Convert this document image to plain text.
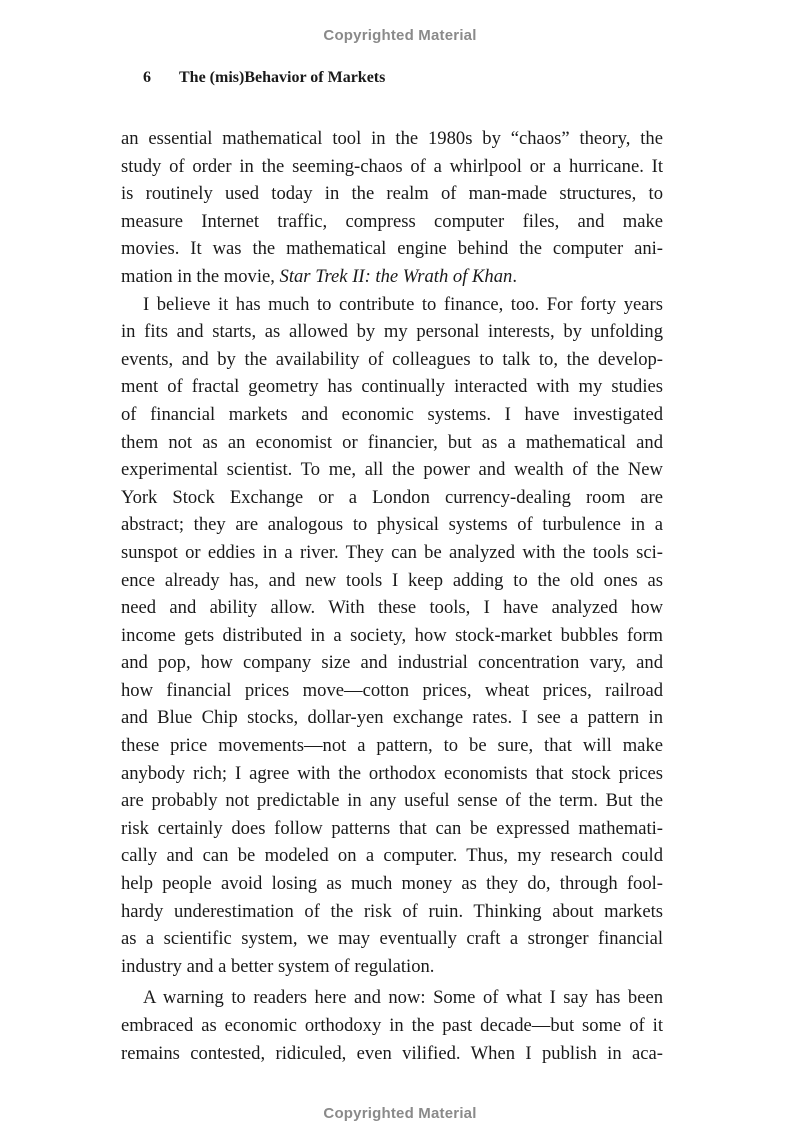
Copyrighted Material
6 The (mis)Behavior of Markets
an essential mathematical tool in the 1980s by “chaos” theory, the
study of order in the seeming-chaos of a whirlpool or a hurricane. It
is routinely used today in the realm of man-made structures, to
measure Internet traffic, compress computer files, and make
movies. It was the mathematical engine behind the computer ani-
mation in the movie, Star Trek II: the Wrath of Khan.
I believe it has much to contribute to finance, too. For forty years
in fits and starts, as allowed by my personal interests, by unfolding
events, and by the availability of colleagues to talk to, the develop-
ment of fractal geometry has continually interacted with my studies
of financial markets and economic systems. I have investigated
them not as an economist or financier, but as a mathematical and
experimental scientist. To me, all the power and wealth of the New
York Stock Exchange or a London currency-dealing room are
abstract; they are analogous to physical systems of turbulence in a
sunspot or eddies in a river. They can be analyzed with the tools sci-
ence already has, and new tools I keep adding to the old ones as
need and ability allow. With these tools, I have analyzed how
income gets distributed in a society, how stock-market bubbles form
and pop, how company size and industrial concentration vary, and
how financial prices move—cotton prices, wheat prices, railroad
and Blue Chip stocks, dollar-yen exchange rates. I see a pattern in
these price movements—not a pattern, to be sure, that will make
anybody rich; I agree with the orthodox economists that stock prices
are probably not predictable in any useful sense of the term. But the
risk certainly does follow patterns that can be expressed mathemati-
cally and can be modeled on a computer. Thus, my research could
help people avoid losing as much money as they do, through fool-
hardy underestimation of the risk of ruin. Thinking about markets
as a scientific system, we may eventually craft a stronger financial
industry and a better system of regulation.
A warning to readers here and now: Some of what I say has been
embraced as economic orthodoxy in the past decade—but some of it
remains contested, ridiculed, even vilified. When I publish in aca-
Copyrighted Material
